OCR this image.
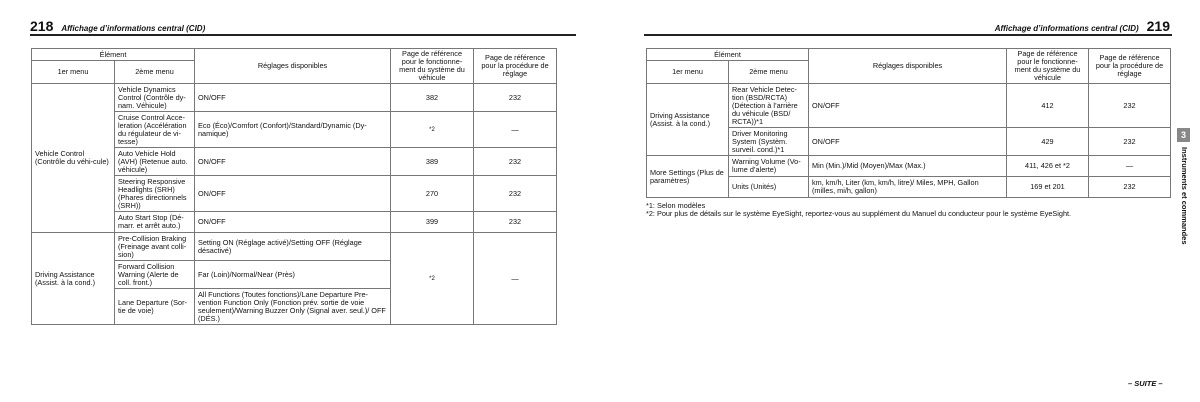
218 Affichage d’informations central (CID)
Élément		Réglages disponibles	Page de référence pour le fonctionne-ment du système du véhicule	Page de référence pour la procédure de réglage
1er menu	2ème menu			
Vehicle Control (Contrôle du véhi-cule)	Vehicle Dynamics Control (Contrôle dy-nam. Véhicule)	ON/OFF	382	232
	Cruise Control Acce-leration (Accélération du régulateur de vi-tesse)	Eco (Éco)/Comfort (Confort)/Standard/Dynamic (Dy-namique)	*2	—
	Auto Vehicle Hold (AVH) (Retenue auto. véhicule)	ON/OFF	389	232
	Steering Responsive Headlights (SRH) (Phares directionnels (SRH))	ON/OFF	270	232
	Auto Start Stop (Dé-marr. et arrêt auto.)	ON/OFF	399	232
Driving Assistance (Assist. à la cond.)	Pre-Collision Braking (Freinage avant colli-sion)	Setting ON (Réglage activé)/Setting OFF (Réglage désactivé)	*2	—
	Forward Collision Warning (Alerte de coll. front.)	Far (Loin)/Normal/Near (Près)		
	Lane Departure (Sor-tie de voie)	All Functions (Toutes fonctions)/Lane Departure Pre-vention Function Only (Fonction prév. sortie de voie seulement)/Warning Buzzer Only (Signal aver. seul.)/ OFF (DÉS.)		
Affichage d’informations central (CID) 219
Élément		Réglages disponibles	Page de référence pour le fonctionne-ment du système du véhicule	Page de référence pour la procédure de réglage
1er menu	2ème menu			
Driving Assistance (Assist. à la cond.)	Rear Vehicle Detec-tion (BSD/RCTA) (Détection à l’arrière du véhicule (BSD/ RCTA))*1	ON/OFF	412	232
	Driver Monitoring System (Systèm. surveil. cond.)*1	ON/OFF	429	232
More Settings (Plus de paramètres)	Warning Volume (Vo-lume d’alerte)	Min (Min.)/Mid (Moyen)/Max (Max.)	411, 426 et *2	—
	Units (Unités)	km, km/h, Liter (km, km/h, litre)/ Miles, MPH, Gallon (milles, mi/h, gallon)	169 et 201	232
*1: Selon modèles
*2: Pour plus de détails sur le système EyeSight, reportez-vous au supplément du Manuel du conducteur pour le système EyeSight.
3
Instruments et commandes
– SUITE –
